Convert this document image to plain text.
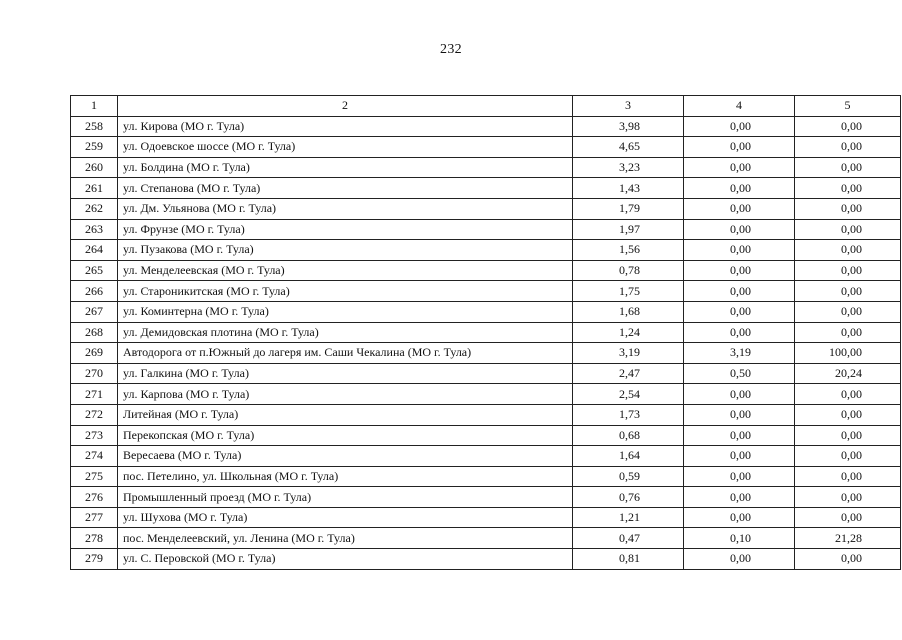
232
1	2	3	4	5
258	ул. Кирова (МО г. Тула)	3,98	0,00	0,00
259	ул. Одоевское шоссе (МО г. Тула)	4,65	0,00	0,00
260	ул. Болдина (МО г. Тула)	3,23	0,00	0,00
261	ул. Степанова (МО г. Тула)	1,43	0,00	0,00
262	ул. Дм. Ульянова (МО г. Тула)	1,79	0,00	0,00
263	ул. Фрунзе (МО г. Тула)	1,97	0,00	0,00
264	ул. Пузакова (МО г. Тула)	1,56	0,00	0,00
265	ул. Менделеевская (МО г. Тула)	0,78	0,00	0,00
266	ул. Староникитская (МО г. Тула)	1,75	0,00	0,00
267	ул. Коминтерна (МО г. Тула)	1,68	0,00	0,00
268	ул. Демидовская плотина (МО г. Тула)	1,24	0,00	0,00
269	Автодорога от п.Южный до лагеря им. Саши Чекалина (МО г. Тула)	3,19	3,19	100,00
270	ул. Галкина (МО г. Тула)	2,47	0,50	20,24
271	ул. Карпова (МО г. Тула)	2,54	0,00	0,00
272	Литейная (МО г. Тула)	1,73	0,00	0,00
273	Перекопская (МО г. Тула)	0,68	0,00	0,00
274	Вересаева (МО г. Тула)	1,64	0,00	0,00
275	пос. Петелино, ул. Школьная (МО г. Тула)	0,59	0,00	0,00
276	Промышленный проезд (МО г. Тула)	0,76	0,00	0,00
277	ул. Шухова (МО г. Тула)	1,21	0,00	0,00
278	пос. Менделеевский, ул. Ленина (МО г. Тула)	0,47	0,10	21,28
279	ул. С. Перовской (МО г. Тула)	0,81	0,00	0,00
